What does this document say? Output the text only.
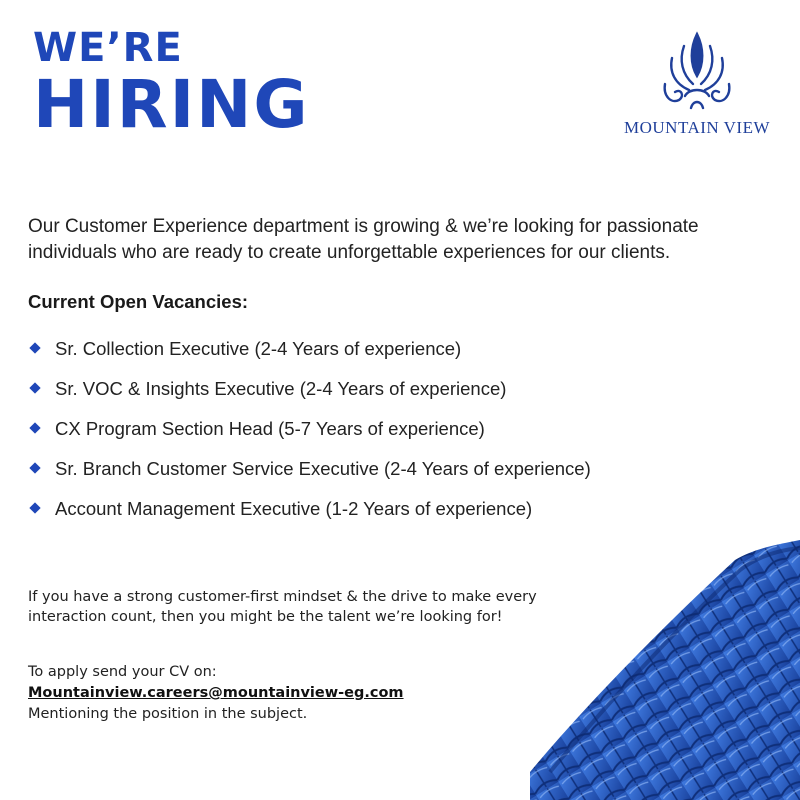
WE’RE
HIRING	MOUNTAIN VIEW
Our Customer Experience department is growing & we’re looking for passionate individuals who are ready to create unforgettable experiences for our clients.
Current Open Vacancies:
Sr. Collection Executive (2-4 Years of experience)
Sr. VOC & Insights Executive (2-4 Years of experience)
CX Program Section Head (5-7 Years of experience)
Sr. Branch Customer Service Executive (2-4 Years of experience)
Account Management Executive (1-2 Years of experience)
If you have a strong customer-first mindset & the drive to make every interaction count, then you might be the talent we’re looking for!
To apply send your CV on:
Mountainview.careers@mountainview-eg.com
Mentioning the position in the subject.
